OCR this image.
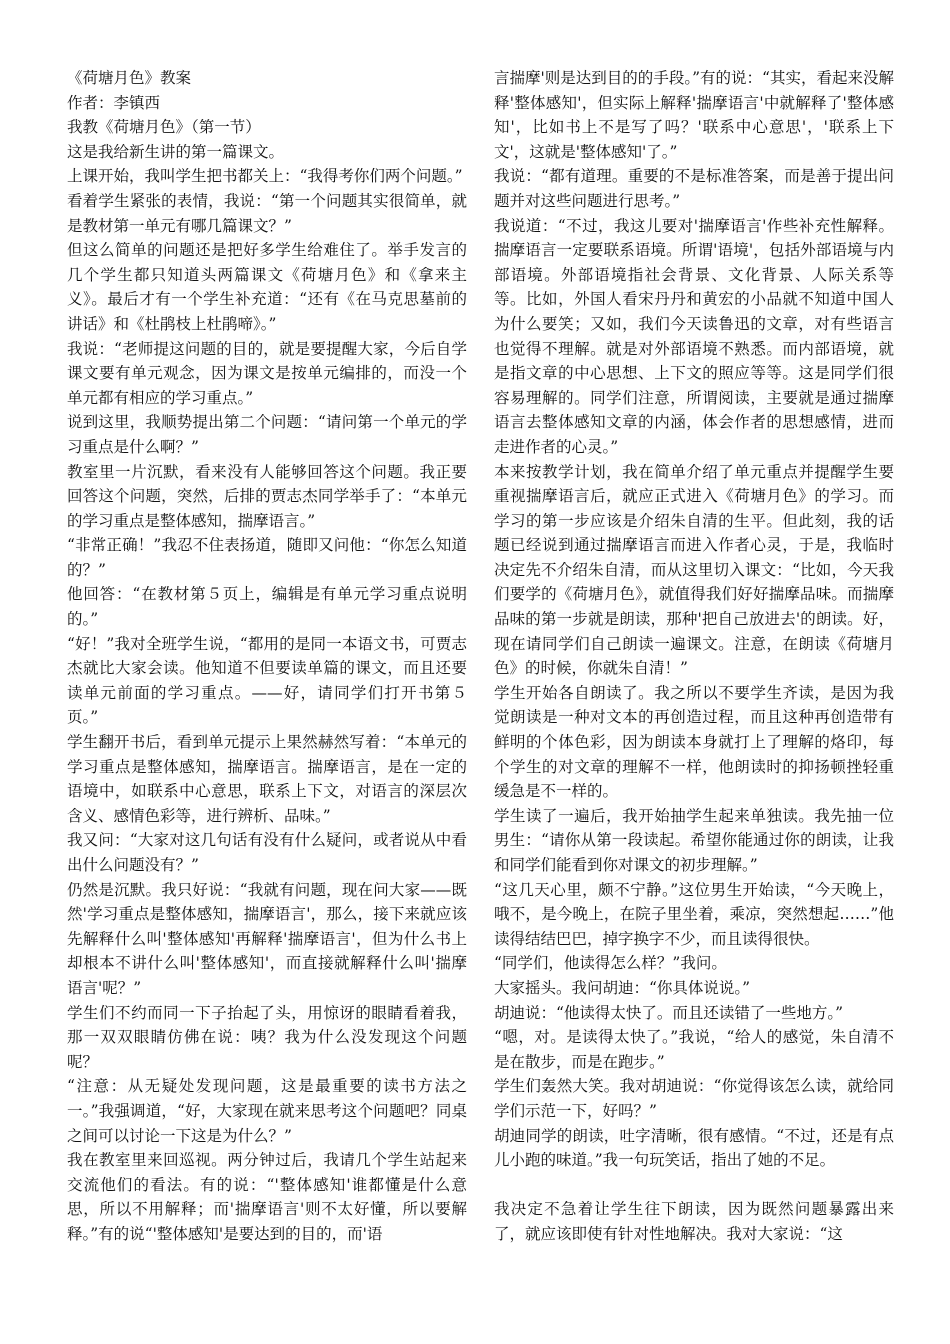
《荷塘月色》教案

作者：李镇西

我教《荷塘月色》（第一节）

这是我给新生讲的第一篇课文。

上课开始，我叫学生把书都关上：“我得考你们两个问题。”

看着学生紧张的表情，我说：“第一个问题其实很简单，就是教材第一单元有哪几篇课文？”

但这么简单的问题还是把好多学生给难住了。举手发言的几个学生都只知道头两篇课文《荷塘月色》和《拿来主义》。最后才有一个学生补充道：“还有《在马克思墓前的讲话》和《杜鹃枝上杜鹃啼》。”

我说：“老师提这问题的目的，就是要提醒大家，今后自学课文要有单元观念，因为课文是按单元编排的，而没一个单元都有相应的学习重点。”

说到这里，我顺势提出第二个问题：“请问第一个单元的学习重点是什么啊？”

教室里一片沉默，看来没有人能够回答这个问题。我正要回答这个问题，突然，后排的贾志杰同学举手了：“本单元的学习重点是整体感知，揣摩语言。”

“非常正确！”我忍不住表扬道，随即又问他：“你怎么知道的？”

他回答：“在教材第５页上，编辑是有单元学习重点说明的。”

“好！”我对全班学生说，“都用的是同一本语文书，可贾志杰就比大家会读。他知道不但要读单篇的课文，而且还要读单元前面的学习重点。——好，请同学们打开书第５页。”

学生翻开书后，看到单元提示上果然赫然写着：“本单元的学习重点是整体感知，揣摩语言。揣摩语言，是在一定的语境中，如联系中心意思，联系上下文，对语言的深层次含义、感情色彩等，进行辨析、品味。”

我又问：“大家对这几句话有没有什么疑问，或者说从中看出什么问题没有？”

仍然是沉默。我只好说：“我就有问题，现在问大家——既然'学习重点是整体感知，揣摩语言'，那么，接下来就应该先解释什么叫'整体感知'再解释'揣摩语言'，但为什么书上却根本不讲什么叫'整体感知'，而直接就解释什么叫'揣摩语言'呢？”

学生们不约而同一下子抬起了头，用惊讶的眼睛看着我，那一双双眼睛仿佛在说：咦？我为什么没发现这个问题呢？

“注意：从无疑处发现问题，这是最重要的读书方法之一。”我强调道，“好，大家现在就来思考这个问题吧？同桌之间可以讨论一下这是为什么？”

我在教室里来回巡视。两分钟过后，我请几个学生站起来交流他们的看法。有的说：“'整体感知'谁都懂是什么意思，所以不用解释；而'揣摩语言'则不太好懂，所以要解释。”有的说“'整体感知'是要达到的目的，而'语

言揣摩'则是达到目的的手段。”有的说：“其实，看起来没解释'整体感知'，但实际上解释'揣摩语言'中就解释了'整体感知'，比如书上不是写了吗？'联系中心意思'，'联系上下文'，这就是'整体感知'了。”

我说：“都有道理。重要的不是标准答案，而是善于提出问题并对这些问题进行思考。”

我说道：“不过，我这儿要对'揣摩语言'作些补充性解释。揣摩语言一定要联系语境。所谓'语境'，包括外部语境与内部语境。外部语境指社会背景、文化背景、人际关系等等。比如，外国人看宋丹丹和黄宏的小品就不知道中国人为什么要笑；又如，我们今天读鲁迅的文章，对有些语言也觉得不理解。就是对外部语境不熟悉。而内部语境，就是指文章的中心思想、上下文的照应等等。这是同学们很容易理解的。同学们注意，所谓阅读，主要就是通过揣摩语言去整体感知文章的内涵，体会作者的思想感情，进而走进作者的心灵。”

本来按教学计划，我在简单介绍了单元重点并提醒学生要重视揣摩语言后，就应正式进入《荷塘月色》的学习。而学习的第一步应该是介绍朱自清的生平。但此刻，我的话题已经说到通过揣摩语言而进入作者心灵，于是，我临时决定先不介绍朱自清，而从这里切入课文：“比如，今天我们要学的《荷塘月色》，就值得我们好好揣摩品味。而揣摩品味的第一步就是朗读，那种'把自己放进去'的朗读。好，现在请同学们自己朗读一遍课文。注意，在朗读《荷塘月色》的时候，你就朱自清！”

学生开始各自朗读了。我之所以不要学生齐读，是因为我觉朗读是一种对文本的再创造过程，而且这种再创造带有鲜明的个体色彩，因为朗读本身就打上了理解的烙印，每个学生的对文章的理解不一样，他朗读时的抑扬顿挫轻重缓急是不一样的。

学生读了一遍后，我开始抽学生起来单独读。我先抽一位男生：“请你从第一段读起。希望你能通过你的朗读，让我和同学们能看到你对课文的初步理解。”

“这几天心里，颇不宁静。”这位男生开始读，“今天晚上，哦不，是今晚上，在院子里坐着，乘凉，突然想起……”他读得结结巴巴，掉字换字不少，而且读得很快。

“同学们，他读得怎么样？”我问。

大家摇头。我问胡迪：“你具体说说。”

胡迪说：“他读得太快了。而且还读错了一些地方。”

“嗯，对。是读得太快了。”我说，“给人的感觉，朱自清不是在散步，而是在跑步。”

学生们轰然大笑。我对胡迪说：“你觉得该怎么读，就给同学们示范一下，好吗？”

胡迪同学的朗读，吐字清晰，很有感情。“不过，还是有点儿小跑的味道。”我一句玩笑话，指出了她的不足。

我决定不急着让学生往下朗读，因为既然问题暴露出来了，就应该即使有针对性地解决。我对大家说：“这
